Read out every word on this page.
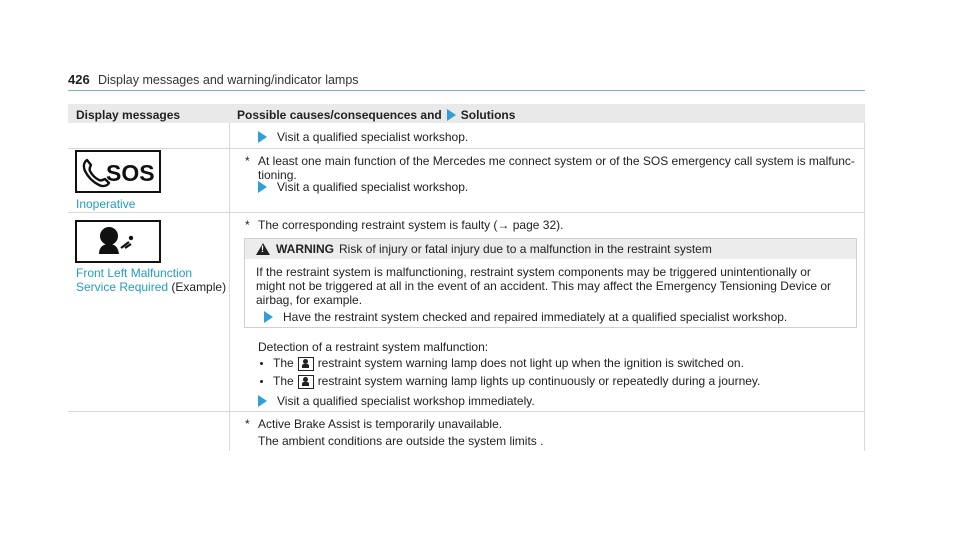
426 Display messages and warning/indicator lamps
Display messages	Possible causes/consequences and Solutions
Visit a qualified specialist workshop.
SOS
Inoperative
* At least one main function of the Mercedes me connect system or of the SOS emergency call system is malfunc-
tioning.
Visit a qualified specialist workshop.
Front Left Malfunction
Service Required (Example)
* The corresponding restraint system is faulty (→ page 32).
!
WARNING Risk of injury or fatal injury due to a malfunction in the restraint system
If the restraint system is malfunctioning, restraint system components may be triggered unintentionally or
might not be triggered at all in the event of an accident. This may affect the Emergency Tensioning Device or
airbag, for example.
Have the restraint system checked and repaired immediately at a qualified specialist workshop.
Detection of a restraint system malfunction:
The restraint system warning lamp does not light up when the ignition is switched on.
The restraint system warning lamp lights up continuously or repeatedly during a journey.
Visit a qualified specialist workshop immediately.
* Active Brake Assist is temporarily unavailable.
The ambient conditions are outside the system limits .
